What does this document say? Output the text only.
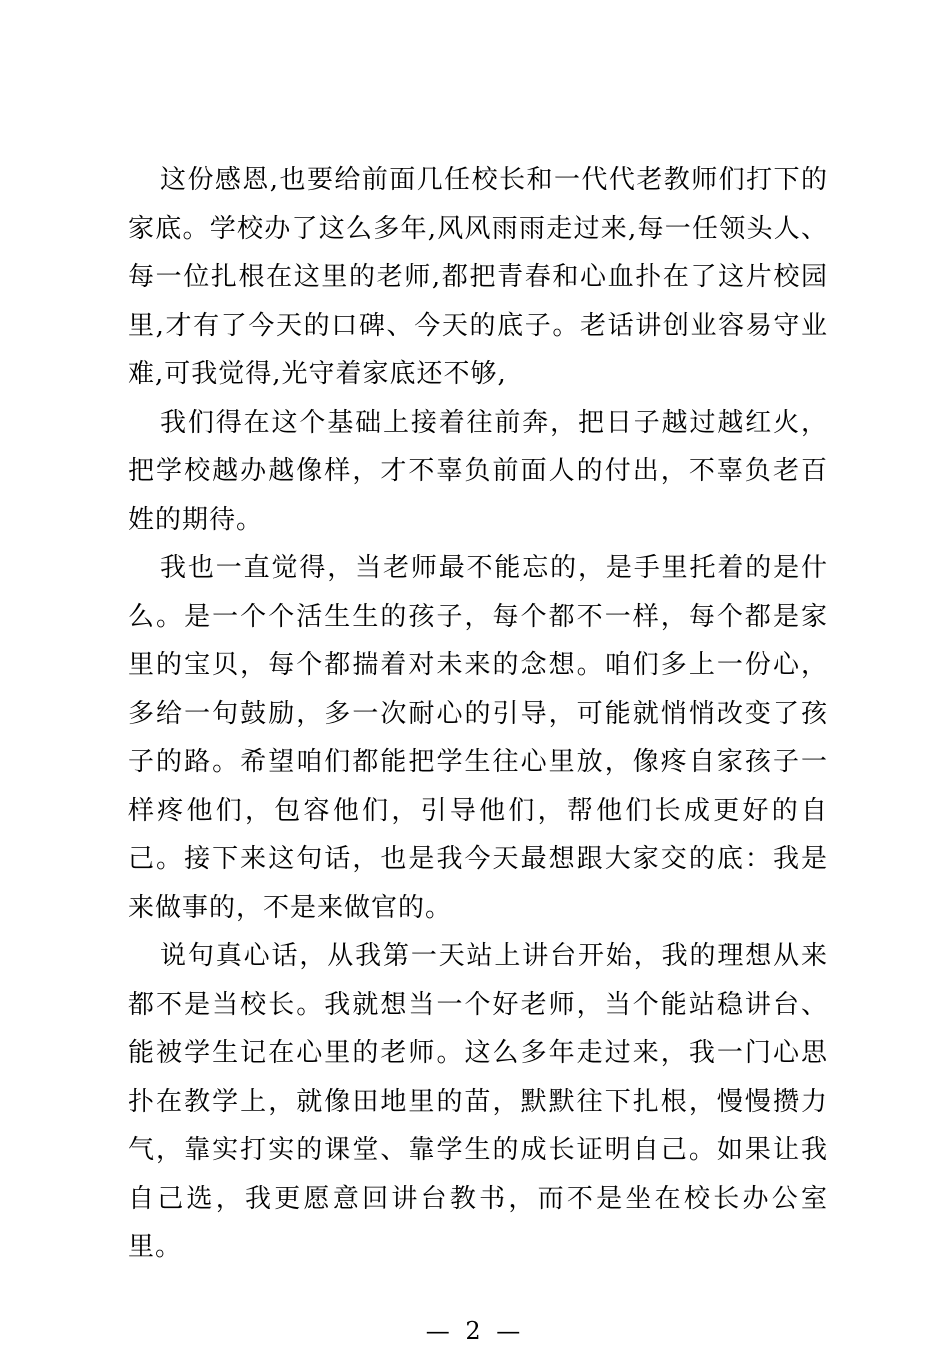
这份感恩,也要给前面几任校长和一代代老教师们打下的家底。学校办了这么多年,风风雨雨走过来,每一任领头人、每一位扎根在这里的老师,都把青春和心血扑在了这片校园里,才有了今天的口碑、今天的底子。老话讲创业容易守业难,可我觉得,光守着家底还不够,

我们得在这个基础上接着往前奔，把日子越过越红火，把学校越办越像样，才不辜负前面人的付出，不辜负老百姓的期待。

我也一直觉得，当老师最不能忘的，是手里托着的是什么。是一个个活生生的孩子，每个都不一样，每个都是家里的宝贝，每个都揣着对未来的念想。咱们多上一份心，多给一句鼓励，多一次耐心的引导，可能就悄悄改变了孩子的路。希望咱们都能把学生往心里放，像疼自家孩子一样疼他们，包容他们，引导他们，帮他们长成更好的自己。接下来这句话，也是我今天最想跟大家交的底：我是来做事的，不是来做官的。

说句真心话，从我第一天站上讲台开始，我的理想从来都不是当校长。我就想当一个好老师，当个能站稳讲台、能被学生记在心里的老师。这么多年走过来，我一门心思扑在教学上，就像田地里的苗，默默往下扎根，慢慢攒力气，靠实打实的课堂、靠学生的成长证明自己。如果让我自己选，我更愿意回讲台教书，而不是坐在校长办公室里。

— 2 —
